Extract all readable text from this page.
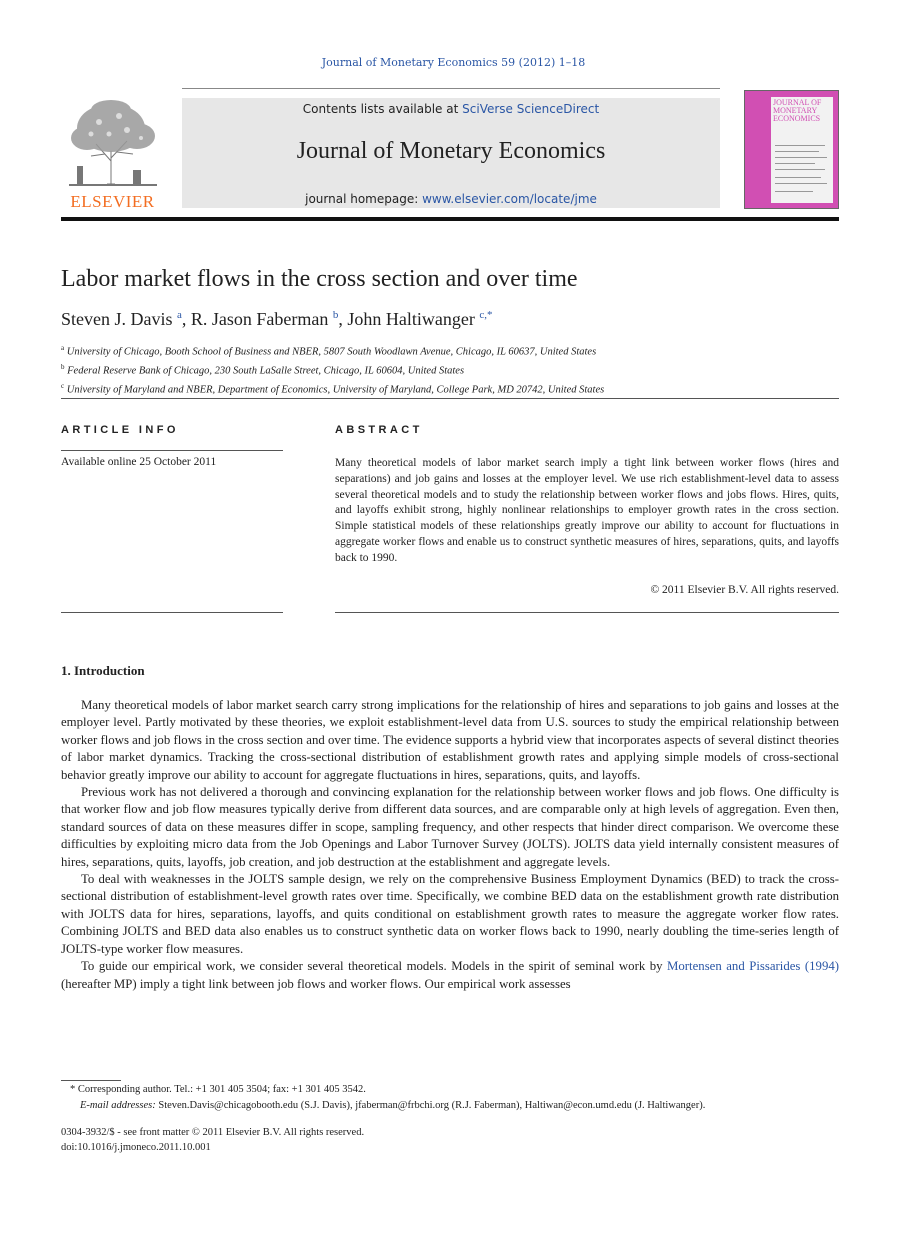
Journal of Monetary Economics 59 (2012) 1–18
ELSEVIER
Contents lists available at SciVerse ScienceDirect
Journal of Monetary Economics
journal homepage: www.elsevier.com/locate/jme
JOURNAL OF MONETARY ECONOMICS
Labor market flows in the cross section and over time
Steven J. Davis $^a$, R. Jason Faberman $^b$, John Haltiwanger $^{c,*}$
$^a$ University of Chicago, Booth School of Business and NBER, 5807 South Woodlawn Avenue, Chicago, IL 60637, United States
$^b$ Federal Reserve Bank of Chicago, 230 South LaSalle Street, Chicago, IL 60604, United States
$^c$ University of Maryland and NBER, Department of Economics, University of Maryland, College Park, MD 20742, United States
ARTICLE INFO
Available online 25 October 2011
ABSTRACT
Many theoretical models of labor market search imply a tight link between worker flows (hires and separations) and job gains and losses at the employer level. We use rich establishment-level data to assess several theoretical models and to study the relationship between worker flows and jobs flows. Hires, quits, and layoffs exhibit strong, highly nonlinear relationships to employer growth rates in the cross section. Simple statistical models of these relationships greatly improve our ability to account for fluctuations in aggregate worker flows and enable us to construct synthetic measures of hires, separations, quits, and layoffs back to 1990.
© 2011 Elsevier B.V. All rights reserved.
1. Introduction

Many theoretical models of labor market search carry strong implications for the relationship of hires and separations to job gains and losses at the employer level. Partly motivated by these theories, we exploit establishment-level data from U.S. sources to study the empirical relationship between worker flows and job flows in the cross section and over time. The evidence supports a hybrid view that incorporates aspects of several distinct theories of labor market dynamics. Tracking the cross-sectional distribution of establishment growth rates and applying simple models of cross-sectional behavior greatly improve our ability to account for aggregate fluctuations in hires, separations, quits, and layoffs.

Previous work has not delivered a thorough and convincing explanation for the relationship between worker flows and job flows. One difficulty is that worker flow and job flow measures typically derive from different data sources, and are comparable only at high levels of aggregation. Even then, standard sources of data on these measures differ in scope, sampling frequency, and other respects that hinder direct comparison. We overcome these difficulties by exploiting micro data from the Job Openings and Labor Turnover Survey (JOLTS). JOLTS data yield internally consistent measures of hires, separations, quits, layoffs, job creation, and job destruction at the establishment and aggregate levels.

To deal with weaknesses in the JOLTS sample design, we rely on the comprehensive Business Employment Dynamics (BED) to track the cross-sectional distribution of establishment-level growth rates over time. Specifically, we combine BED data on the establishment growth rate distribution with JOLTS data for hires, separations, layoffs, and quits conditional on establishment growth rates to measure the aggregate worker flow rates. Combining JOLTS and BED data also enables us to construct synthetic data on worker flows back to 1990, nearly doubling the time-series length of JOLTS-type worker flow measures.

To guide our empirical work, we consider several theoretical models. Models in the spirit of seminal work by Mortensen and Pissarides (1994) (hereafter MP) imply a tight link between job flows and worker flows. Our empirical work assesses

* Corresponding author. Tel.: +1 301 405 3504; fax: +1 301 405 3542.
E-mail addresses: Steven.Davis@chicagobooth.edu (S.J. Davis), jfaberman@frbchi.org (R.J. Faberman), Haltiwan@econ.umd.edu (J. Haltiwanger).
0304-3932/$ - see front matter © 2011 Elsevier B.V. All rights reserved.
doi:10.1016/j.jmoneco.2011.10.001
